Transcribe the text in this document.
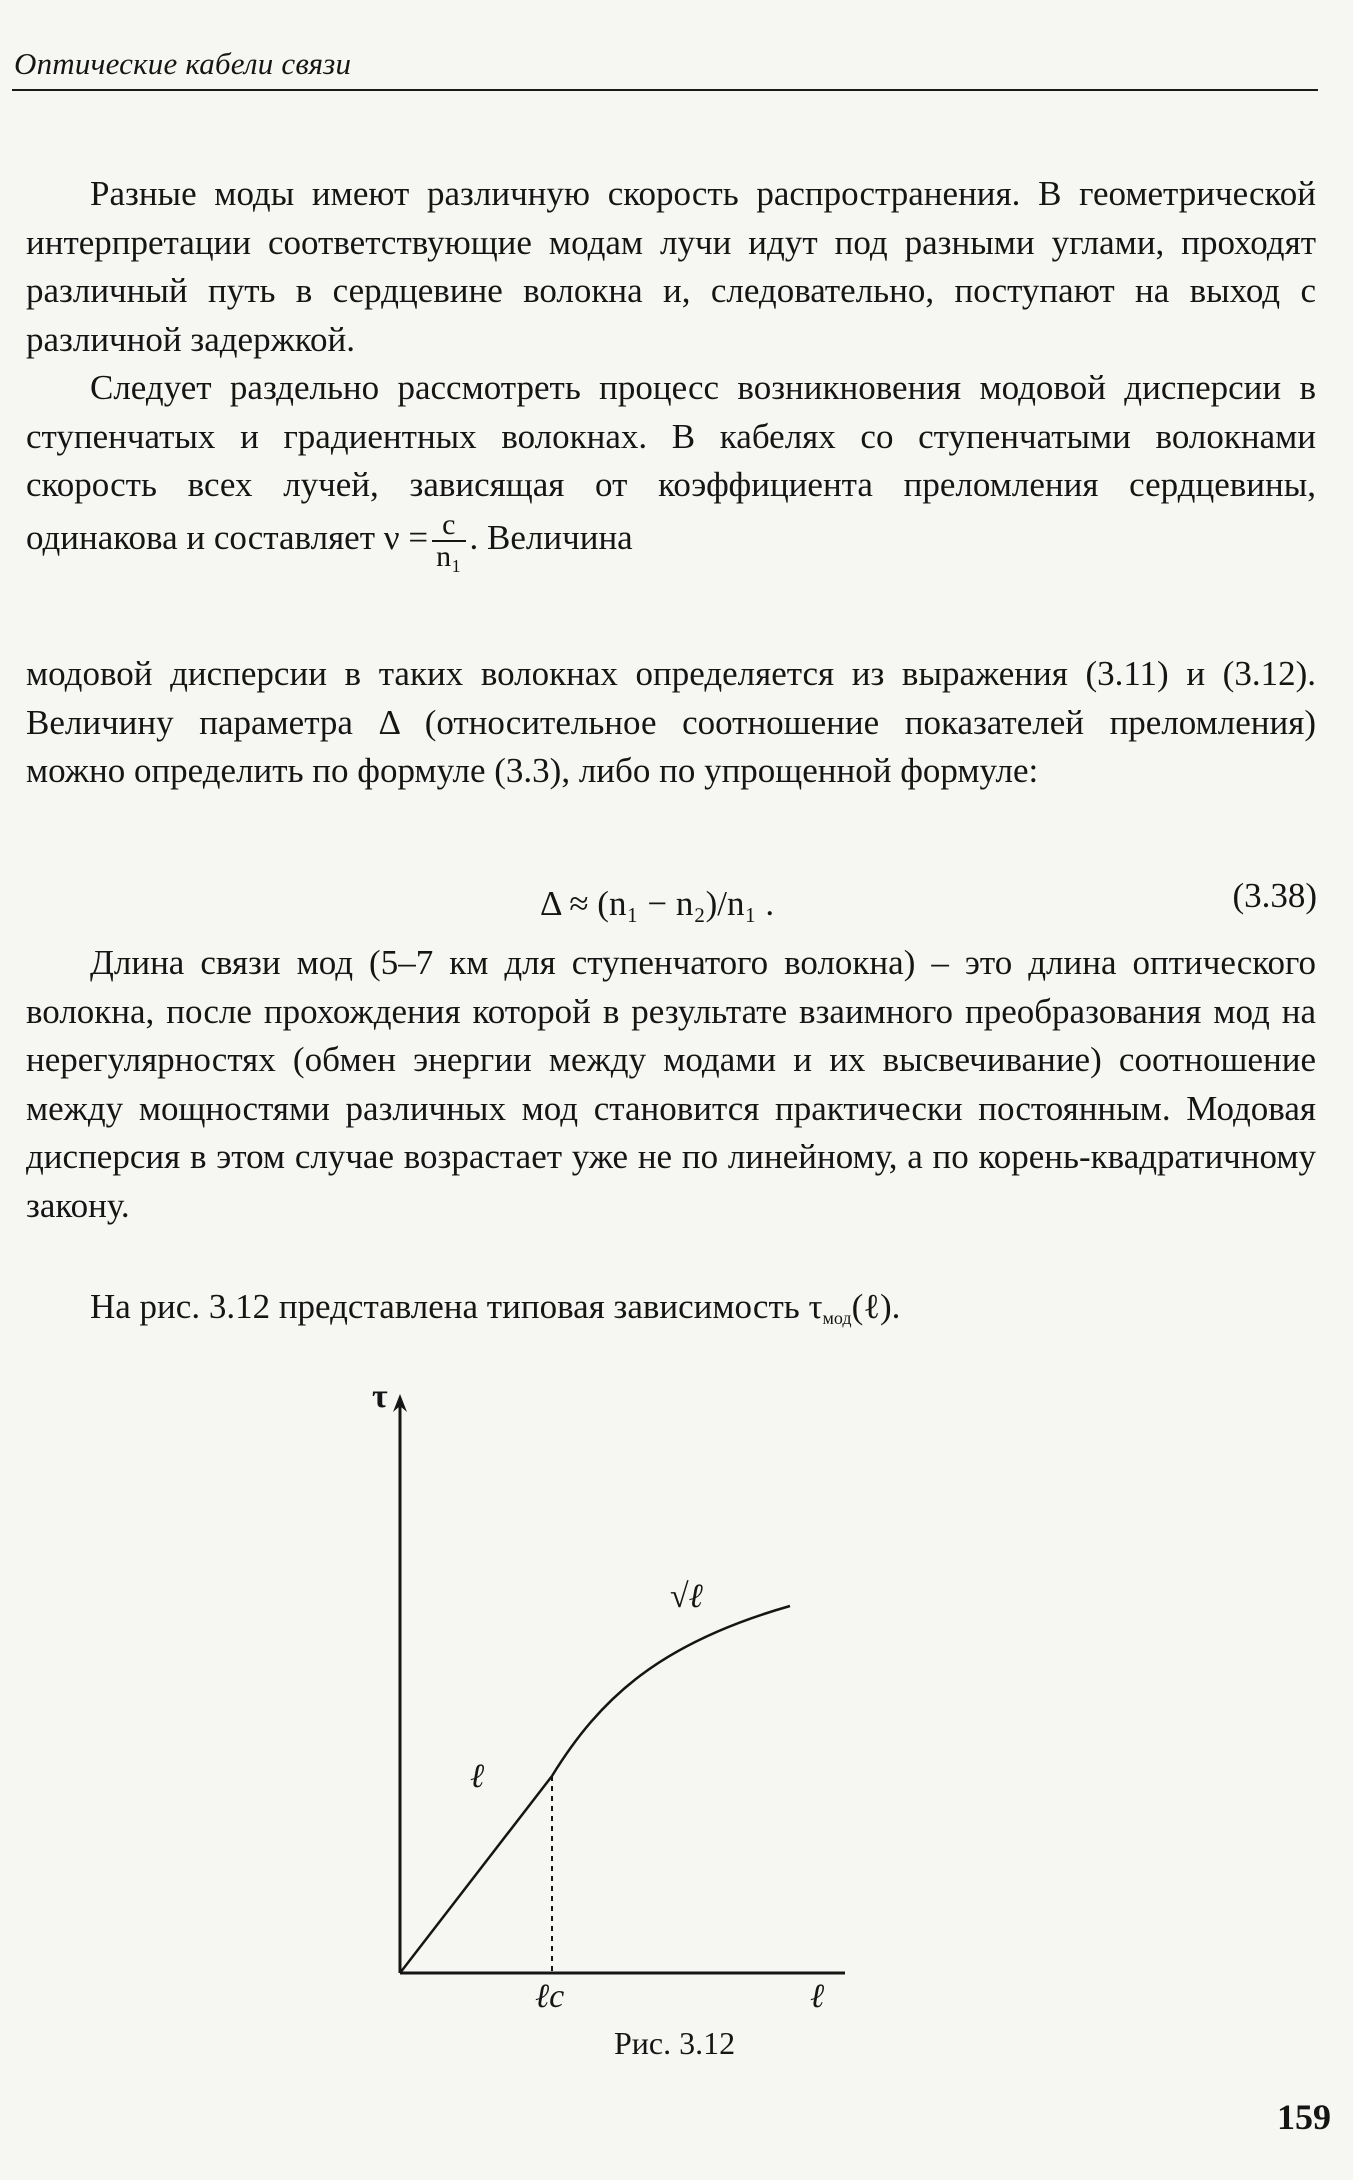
Оптические кабели связи

Разные моды имеют различную скорость распространения. В геометрической интерпретации соответствующие модам лучи идут под разными углами, проходят различный путь в сердцевине волокна и, следовательно, поступают на выход с различной задержкой.

Следует раздельно рассмотреть процесс возникновения модовой дисперсии в ступенчатых и градиентных волокнах. В кабелях со ступенчатыми волокнами скорость всех лучей, зависящая от коэффициента преломления сердцевины, одинакова и составляет $\nu = \frac{c}{\text{n₁}}$ . Величина

модовой дисперсии в таких волокнах определяется из выражения (3.11) и (3.12). Величину параметра Δ (относительное соотношение показателей преломления) можно определить по формуле (3.3), либо по упрощенной формуле:

Δ ≈ (n₁ − n₂)/n₁ .	(3.38)

Длина связи мод (5–7 км для ступенчатого волокна) – это длина оптического волокна, после прохождения которой в результате взаимного преобразования мод на нерегулярностях (обмен энергии между модами и их высвечивание) соотношение между мощностями различных мод становится практически постоянным. Модовая дисперсия в этом случае возрастает уже не по линейному, а по корень-квадратичному закону.

На рис. 3.12 представлена типовая зависимость $\tau_{мод}(\ell)$.

τ
ℓ
ℓ
√ℓ
ℓc
Рис. 3.12
159
